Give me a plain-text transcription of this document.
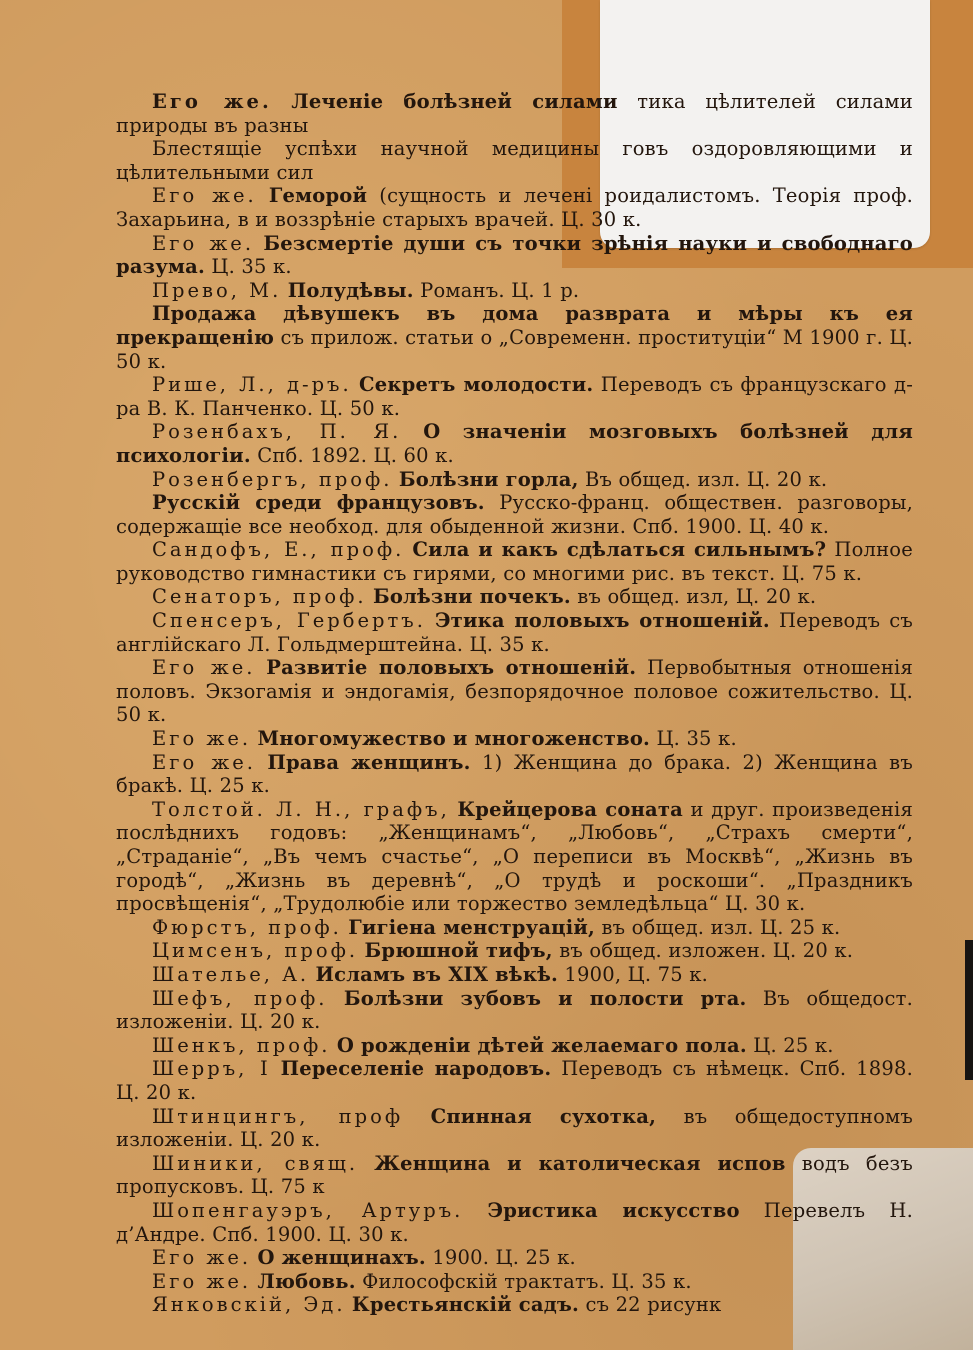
Его же. Леченіе болѣзней силами тика цѣлителей силами природы въ разны

Блестящіе успѣхи научной медицины говъ оздоровляющими и цѣлительными сил

Его же. Геморой (сущность и лечені роидалистомъ. Теорія проф. Захарьина, в и воззрѣніе старыхъ врачей. Ц. 30 к.

Его же. Безсмертіе души съ точки зрѣнія науки и свободнаго разума. Ц. 35 к.

Прево, М. Полудѣвы. Романъ. Ц. 1 р.

Продажа дѣвушекъ въ дома разврата и мѣры къ ея прекращенію съ прилож. статьи о „Современн. проституціи“ М 1900 г. Ц. 50 к.

Рише, Л., д-ръ. Секретъ молодости. Переводъ съ французскаго д-ра В. К. Панченко. Ц. 50 к.

Розенбахъ, П. Я. О значеніи мозговыхъ болѣзней для психологіи. Спб. 1892. Ц. 60 к.

Розенбергъ, проф. Болѣзни горла, Въ общед. изл. Ц. 20 к.

Русскій среди французовъ. Русско-франц. обществен. разговоры, содержащіе все необход. для обыденной жизни. Спб. 1900. Ц. 40 к.

Сандофъ, Е., проф. Сила и какъ сдѣлаться сильнымъ? Полное руководство гимнастики съ гирями, со многими рис. въ текст. Ц. 75 к.

Сенаторъ, проф. Болѣзни почекъ. въ общед. изл, Ц. 20 к.

Спенсеръ, Гербертъ. Этика половыхъ отношеній. Переводъ съ англійскаго Л. Гольдмерштейна. Ц. 35 к.

Его же. Развитіе половыхъ отношеній. Первобытныя отношенія половъ. Экзогамія и эндогамія, безпорядочное половое сожительство. Ц. 50 к.

Его же. Многомужество и многоженство. Ц. 35 к.

Его же. Права женщинъ. 1) Женщина до брака. 2) Женщина въ бракѣ. Ц. 25 к.

Толстой. Л. Н., графъ, Крейцерова соната и друг. произведенія послѣднихъ годовъ: „Женщинамъ“, „Любовь“, „Страхъ смерти“, „Страданіе“, „Въ чемъ счастье“, „О переписи въ Москвѣ“, „Жизнь въ городѣ“, „Жизнь въ деревнѣ“, „О трудѣ и роскоши“. „Праздникъ просвѣщенія“, „Трудолюбіе или торжество земледѣльца“ Ц. 30 к.

Фюрстъ, проф. Гигіена менструацій, въ общед. изл. Ц. 25 к.

Цимсенъ, проф. Брюшной тифъ, въ общед. изложен. Ц. 20 к.

Шателье, А. Исламъ въ XIX вѣкѣ. 1900, Ц. 75 к.

Шефъ, проф. Болѣзни зубовъ и полости рта. Въ общедост. изложеніи. Ц. 20 к.

Шенкъ, проф. О рожденіи дѣтей желаемаго пола. Ц. 25 к.

Шерръ, I Переселеніе народовъ. Переводъ съ нѣмецк. Спб. 1898. Ц. 20 к.

Штинцингъ, проф Спинная сухотка, въ общедоступномъ изложеніи. Ц. 20 к.

Шиники, свящ. Женщина и католическая испов водъ безъ пропусковъ. Ц. 75 к

Шопенгауэръ, Артуръ. Эристика искусство Перевелъ Н. д’Андре. Спб. 1900. Ц. 30 к.

Его же. О женщинахъ. 1900. Ц. 25 к.

Его же. Любовь. Философскій трактатъ. Ц. 35 к.

Янковскій, Эд. Крестьянскій садъ. съ 22 рисунк
